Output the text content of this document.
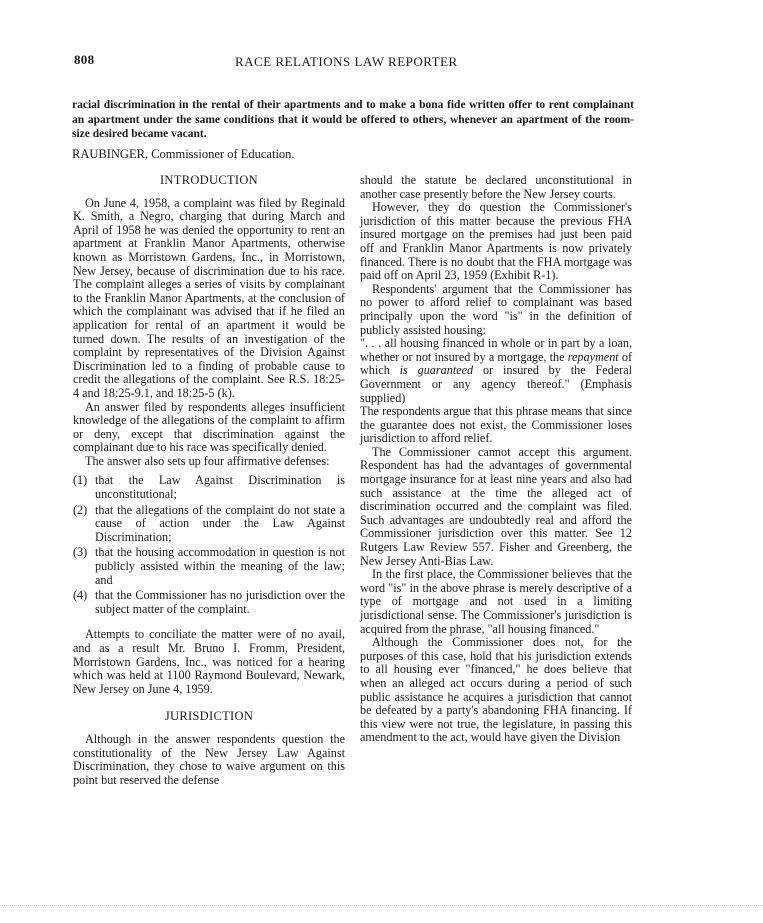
808	RACE RELATIONS LAW REPORTER

racial discrimination in the rental of their apartments and to make a bona fide written offer to rent complainant an apartment under the same conditions that it would be offered to others, whenever an apartment of the room-size desired became vacant.

RAUBINGER, Commissioner of Education.

INTRODUCTION

On June 4, 1958, a complaint was filed by Reginald K. Smith, a Negro, charging that during March and April of 1958 he was denied the opportunity to rent an apartment at Franklin Manor Apartments, otherwise known as Morristown Gardens, Inc., in Morristown, New Jersey, because of discrimination due to his race. The complaint alleges a series of visits by complainant to the Franklin Manor Apartments, at the conclusion of which the complainant was advised that if he filed an application for rental of an apartment it would be turned down. The results of an investigation of the complaint by representatives of the Division Against Discrimination led to a finding of probable cause to credit the allegations of the complaint. See R.S. 18:25-4 and 18:25-9.1, and 18:25-5 (k).

An answer filed by respondents alleges insufficient knowledge of the allegations of the complaint to affirm or deny, except that discrimination against the complainant due to his race was specifically denied.

The answer also sets up four affirmative defenses:

(1) that the Law Against Discrimination is unconstitutional;
(2) that the allegations of the complaint do not state a cause of action under the Law Against Discrimination;
(3) that the housing accommodation in question is not publicly assisted within the meaning of the law; and
(4) that the Commissioner has no jurisdiction over the subject matter of the complaint.

Attempts to conciliate the matter were of no avail, and as a result Mr. Bruno I. Fromm, President, Morristown Gardens, Inc., was noticed for a hearing which was held at 1100 Raymond Boulevard, Newark, New Jersey on June 4, 1959.

JURISDICTION

Although in the answer respondents question the constitutionality of the New Jersey Law Against Discrimination, they chose to waive argument on this point but reserved the defense

should the statute be declared unconstitutional in another case presently before the New Jersey courts.

However, they do question the Commissioner's jurisdiction of this matter because the previous FHA insured mortgage on the premises had just been paid off and Franklin Manor Apartments is now privately financed. There is no doubt that the FHA mortgage was paid off on April 23, 1959 (Exhibit R-1).

Respondents' argument that the Commissioner has no power to afford relief to complainant was based principally upon the word "is" in the definition of publicly assisted housing:

". . . all housing financed in whole or in part by a loan, whether or not insured by a mortgage, the repayment of which is guaranteed or insured by the Federal Government or any agency thereof." (Emphasis supplied)

The respondents argue that this phrase means that since the guarantee does not exist, the Commissioner loses jurisdiction to afford relief.

The Commissioner cannot accept this argument. Respondent has had the advantages of governmental mortgage insurance for at least nine years and also had such assistance at the time the alleged act of discrimination occurred and the complaint was filed. Such advantages are undoubtedly real and afford the Commissioner jurisdiction over this matter. See 12 Rutgers Law Review 557. Fisher and Greenberg, the New Jersey Anti-Bias Law.

In the first place, the Commissioner believes that the word "is" in the above phrase is merely descriptive of a type of mortgage and not used in a limiting jurisdictional sense. The Commissioner's jurisdiction is acquired from the phrase, "all housing financed."

Although the Commissioner does not, for the purposes of this case, hold that his jurisdiction extends to all housing ever "financed," he does believe that when an alleged act occurs during a period of such public assistance he acquires a jurisdiction that cannot be defeated by a party's abandoning FHA financing. If this view were not true, the legislature, in passing this amendment to the act, would have given the Division
